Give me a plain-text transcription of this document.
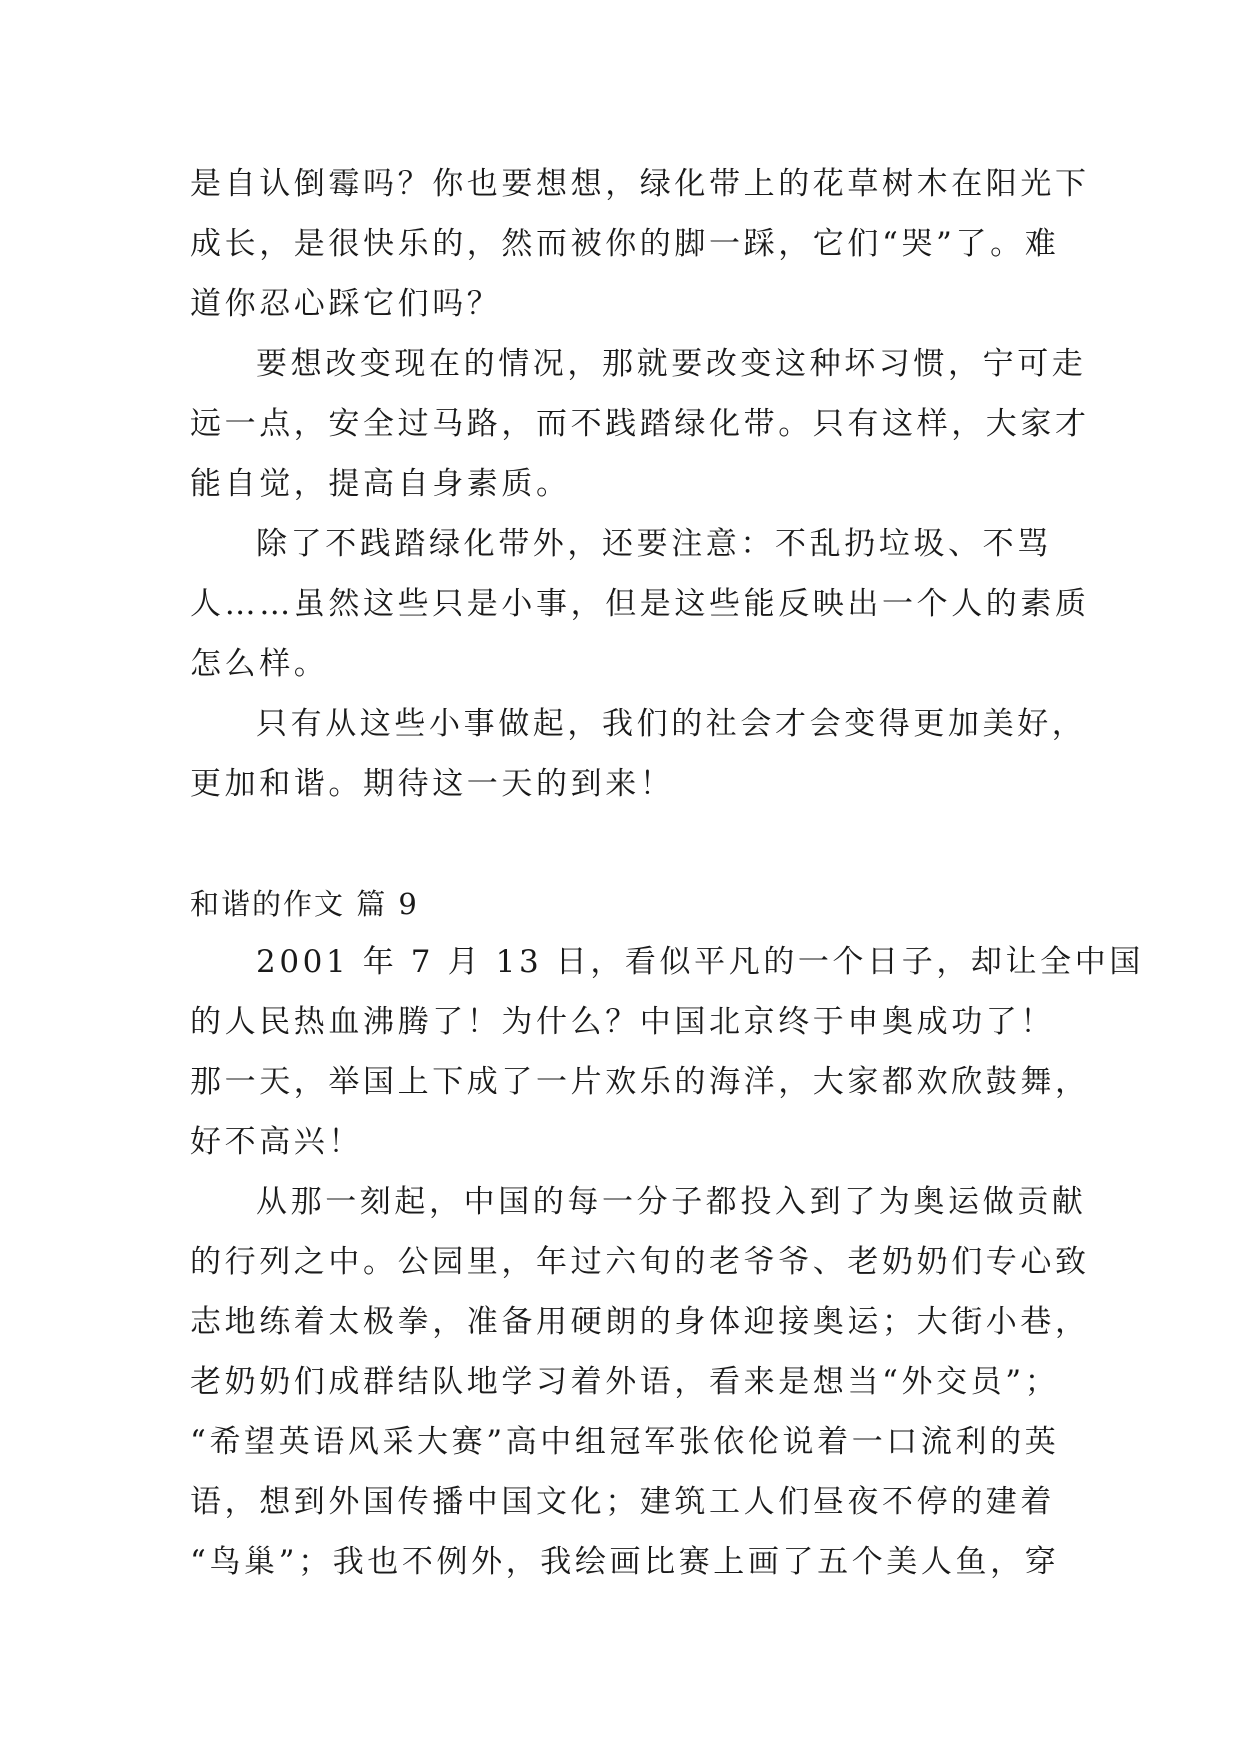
是自认倒霉吗？你也要想想，绿化带上的花草树木在阳光下
成长，是很快乐的，然而被你的脚一踩，它们“哭”了。难
道你忍心踩它们吗？
要想改变现在的情况，那就要改变这种坏习惯，宁可走
远一点，安全过马路，而不践踏绿化带。只有这样，大家才
能自觉，提高自身素质。
除了不践踏绿化带外，还要注意：不乱扔垃圾、不骂
人……虽然这些只是小事，但是这些能反映出一个人的素质
怎么样。
只有从这些小事做起，我们的社会才会变得更加美好，
更加和谐。期待这一天的到来！
和谐的作文 篇 9
2001 年 7 月 13 日，看似平凡的一个日子，却让全中国
的人民热血沸腾了！为什么？中国北京终于申奥成功了！
那一天，举国上下成了一片欢乐的海洋，大家都欢欣鼓舞，
好不高兴！
从那一刻起，中国的每一分子都投入到了为奥运做贡献
的行列之中。公园里，年过六旬的老爷爷、老奶奶们专心致
志地练着太极拳，准备用硬朗的身体迎接奥运；大街小巷，
老奶奶们成群结队地学习着外语，看来是想当“外交员”；
“希望英语风采大赛”高中组冠军张依伦说着一口流利的英
语，想到外国传播中国文化；建筑工人们昼夜不停的建着
“鸟巢”；我也不例外，我绘画比赛上画了五个美人鱼，穿
